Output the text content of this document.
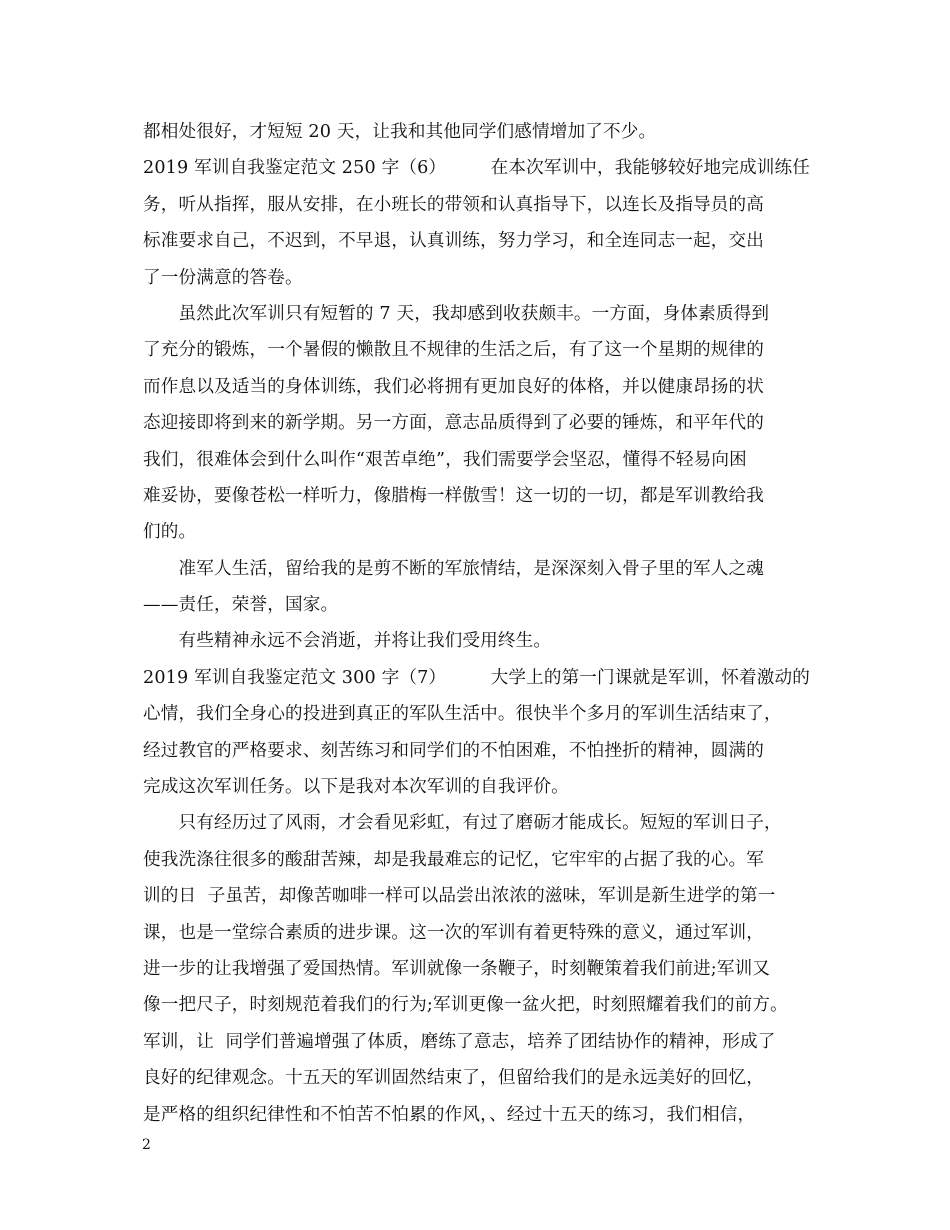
都相处很好，才短短 20 天，让我和其他同学们感情增加了不少。
2019 军训自我鉴定范文 250 字（6）　　　在本次军训中，我能够较好地完成训练任
务，听从指挥，服从安排，在小班长的带领和认真指导下，以连长及指导员的高
标准要求自己，不迟到，不早退，认真训练，努力学习，和全连同志一起，交出
了一份满意的答卷。
　　虽然此次军训只有短暂的 7 天，我却感到收获颇丰。一方面，身体素质得到
了充分的锻炼，一个暑假的懒散且不规律的生活之后，有了这一个星期的规律的
而作息以及适当的身体训练，我们必将拥有更加良好的体格，并以健康昂扬的状
态迎接即将到来的新学期。另一方面，意志品质得到了必要的锤炼，和平年代的
我们，很难体会到什么叫作“艰苦卓绝”，我们需要学会坚忍，懂得不轻易向困
难妥协，要像苍松一样听力，像腊梅一样傲雪！这一切的一切，都是军训教给我
们的。
　　准军人生活，留给我的是剪不断的军旅情结，是深深刻入骨子里的军人之魂
——责任，荣誉，国家。
　　有些精神永远不会消逝，并将让我们受用终生。
2019 军训自我鉴定范文 300 字（7）　　　大学上的第一门课就是军训，怀着激动的
心情，我们全身心的投进到真正的军队生活中。很快半个多月的军训生活结束了，
经过教官的严格要求、刻苦练习和同学们的不怕困难，不怕挫折的精神，圆满的
完成这次军训任务。以下是我对本次军训的自我评价。
　　只有经历过了风雨，才会看见彩虹，有过了磨砺才能成长。短短的军训日子，
使我洗涤往很多的酸甜苦辣，却是我最难忘的记忆，它牢牢的占据了我的心。军
训的日  子虽苦，却像苦咖啡一样可以品尝出浓浓的滋味，军训是新生进学的第一
课，也是一堂综合素质的进步课。这一次的军训有着更特殊的意义，通过军训，
进一步的让我增强了爱国热情。军训就像一条鞭子，时刻鞭策着我们前进;军训又
像一把尺子，时刻规范着我们的行为;军训更像一盆火把，时刻照耀着我们的前方。
军训，让  同学们普遍增强了体质，磨练了意志，培养了团结协作的精神，形成了
良好的纪律观念。十五天的军训固然结束了，但留给我们的是永远美好的回忆，
是严格的组织纪律性和不怕苦不怕累的作风，、经过十五天的练习，我们相信，
2
